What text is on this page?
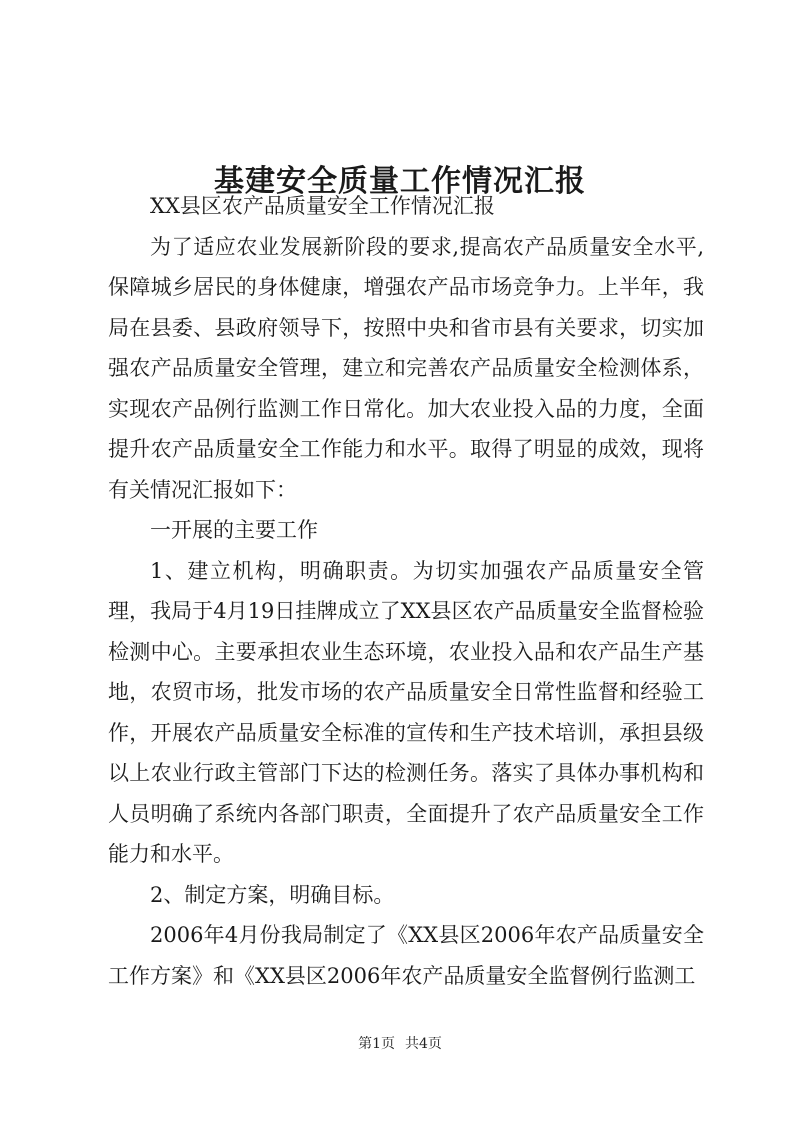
基建安全质量工作情况汇报

XX县区农产品质量安全工作情况汇报

为了适应农业发展新阶段的要求,提高农产品质量安全水平,保障城乡居民的身体健康，增强农产品市场竞争力。上半年，我局在县委、县政府领导下，按照中央和省市县有关要求，切实加强农产品质量安全管理，建立和完善农产品质量安全检测体系，实现农产品例行监测工作日常化。加大农业投入品的力度，全面提升农产品质量安全工作能力和水平。取得了明显的成效，现将有关情况汇报如下：

一开展的主要工作

1、建立机构，明确职责。为切实加强农产品质量安全管理，我局于4月19日挂牌成立了XX县区农产品质量安全监督检验检测中心。主要承担农业生态环境，农业投入品和农产品生产基地，农贸市场，批发市场的农产品质量安全日常性监督和经验工作，开展农产品质量安全标准的宣传和生产技术培训，承担县级以上农业行政主管部门下达的检测任务。落实了具体办事机构和人员明确了系统内各部门职责，全面提升了农产品质量安全工作能力和水平。

2、制定方案，明确目标。

2006年4月份我局制定了《XX县区2006年农产品质量安全工作方案》和《XX县区2006年农产品质量安全监督例行监测工

第1页 共4页
